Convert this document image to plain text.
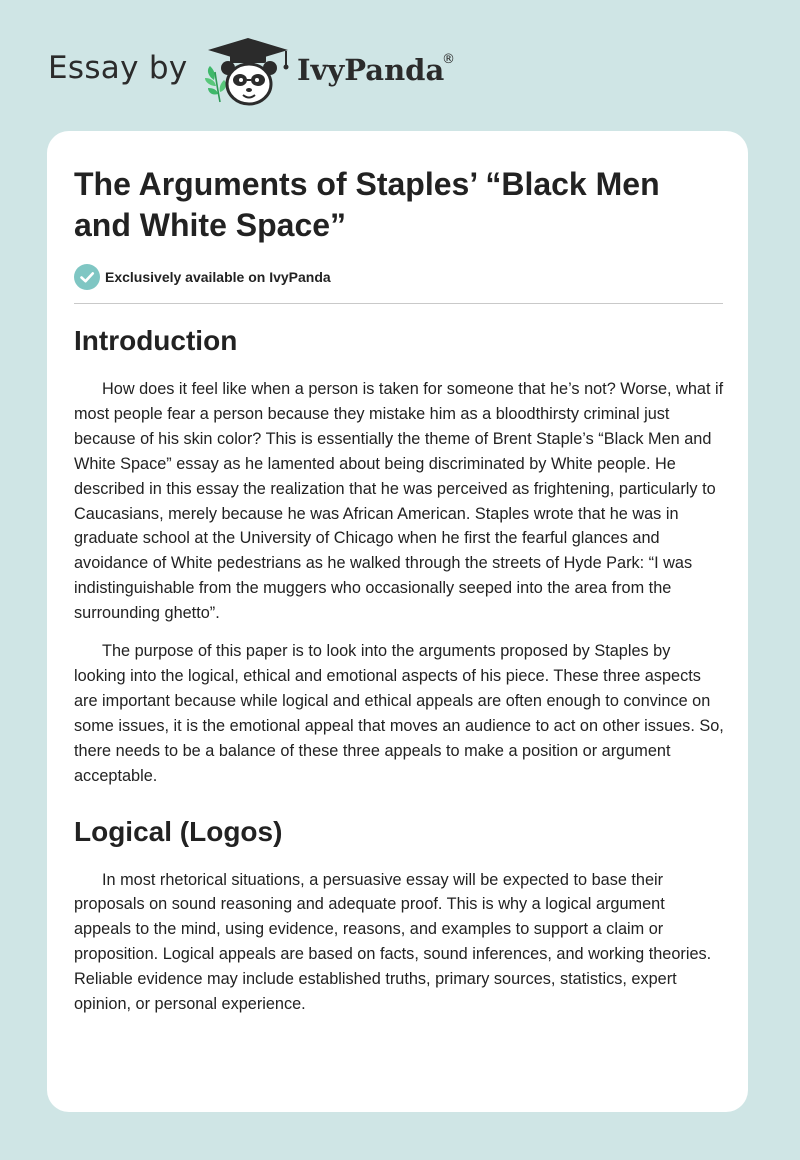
Essay by	IvyPanda
®
The Arguments of Staples’ “Black Men and White Space”
Exclusively available on IvyPanda
Introduction

How does it feel like when a person is taken for someone that he’s not? Worse, what if most people fear a person because they mistake him as a bloodthirsty criminal just because of his skin color? This is essentially the theme of Brent Staple’s “Black Men and White Space” essay as he lamented about being discriminated by White people. He described in this essay the realization that he was perceived as frightening, particularly to Caucasians, merely because he was African American. Staples wrote that he was in graduate school at the University of Chicago when he first the fearful glances and avoidance of White pedestrians as he walked through the streets of Hyde Park: “I was indistinguishable from the muggers who occasionally seeped into the area from the surrounding ghetto”.

The purpose of this paper is to look into the arguments proposed by Staples by looking into the logical, ethical and emotional aspects of his piece. These three aspects are important because while logical and ethical appeals are often enough to convince on some issues, it is the emotional appeal that moves an audience to act on other issues. So, there needs to be a balance of these three appeals to make a position or argument acceptable.

Logical (Logos)

In most rhetorical situations, a persuasive essay will be expected to base their proposals on sound reasoning and adequate proof. This is why a logical argument appeals to the mind, using evidence, reasons, and examples to support a claim or proposition. Logical appeals are based on facts, sound inferences, and working theories. Reliable evidence may include established truths, primary sources, statistics, expert opinion, or personal experience.
